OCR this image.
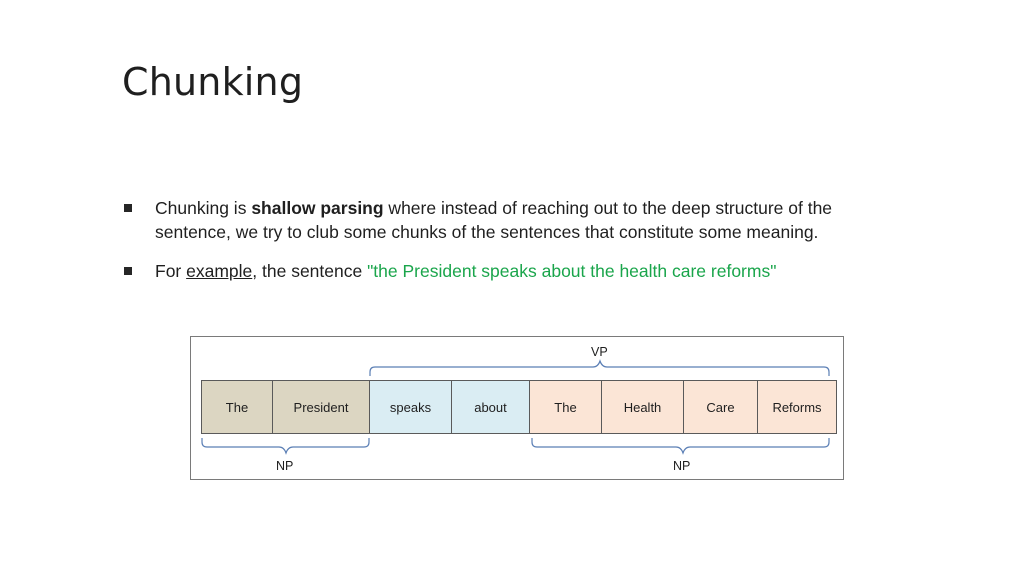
Chunking
Chunking is shallow parsing where instead of reaching out to the deep structure of the sentence, we try to club some chunks of the sentences that constitute some meaning.
For example, the sentence "the President speaks about the health care reforms"
VP
The	President	speaks	about	The	Health	Care	Reforms
NP	NP
